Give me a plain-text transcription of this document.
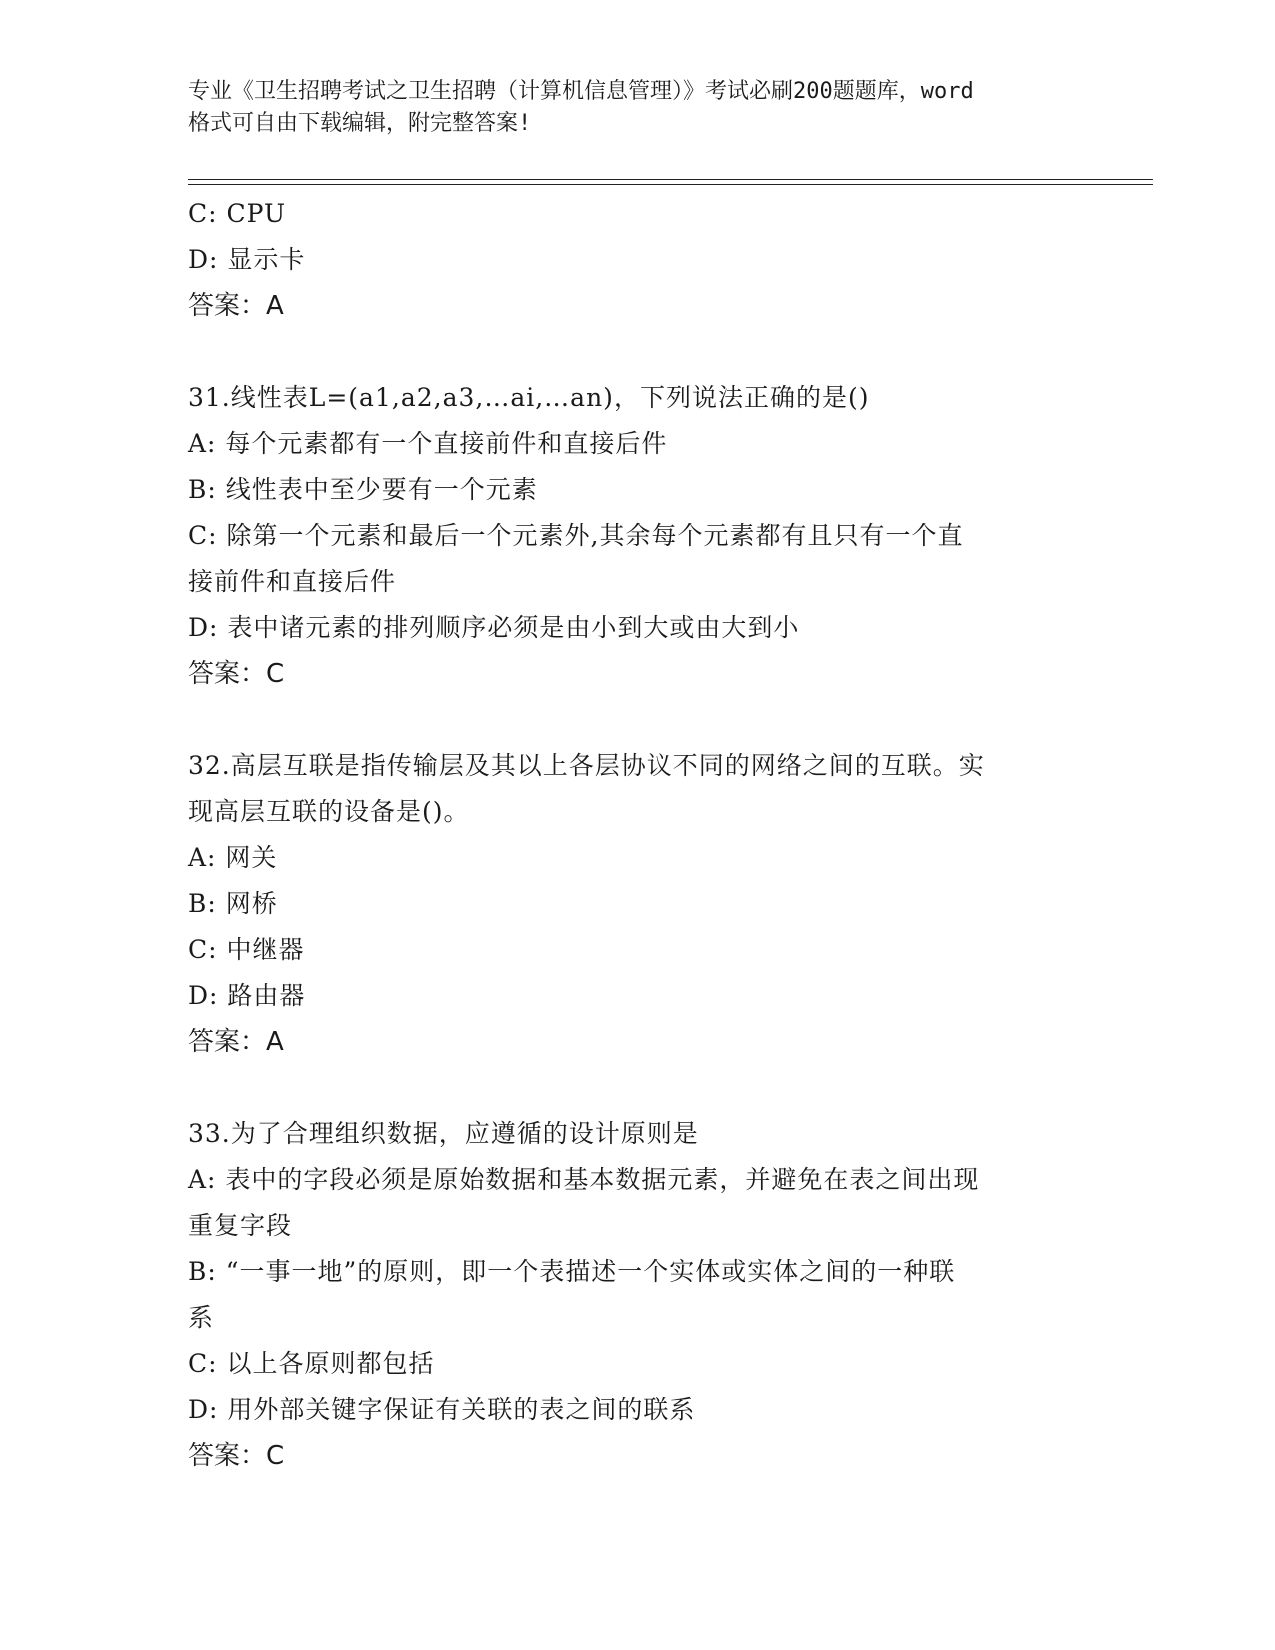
专业《卫生招聘考试之卫生招聘（计算机信息管理）》考试必刷200题题库，word
格式可自由下载编辑，附完整答案!
C: CPU
D: 显示卡
答案：A
31.线性表L=(a1,a2,a3,…ai,…an)，下列说法正确的是()
A: 每个元素都有一个直接前件和直接后件
B: 线性表中至少要有一个元素
C: 除第一个元素和最后一个元素外,其余每个元素都有且只有一个直
接前件和直接后件
D: 表中诸元素的排列顺序必须是由小到大或由大到小
答案：C
32.高层互联是指传输层及其以上各层协议不同的网络之间的互联。实
现高层互联的设备是()。
A: 网关
B: 网桥
C: 中继器
D: 路由器
答案：A
33.为了合理组织数据，应遵循的设计原则是
A: 表中的字段必须是原始数据和基本数据元素，并避免在表之间出现
重复字段
B: “一事一地”的原则，即一个表描述一个实体或实体之间的一种联
系
C: 以上各原则都包括
D: 用外部关键字保证有关联的表之间的联系
答案：C
